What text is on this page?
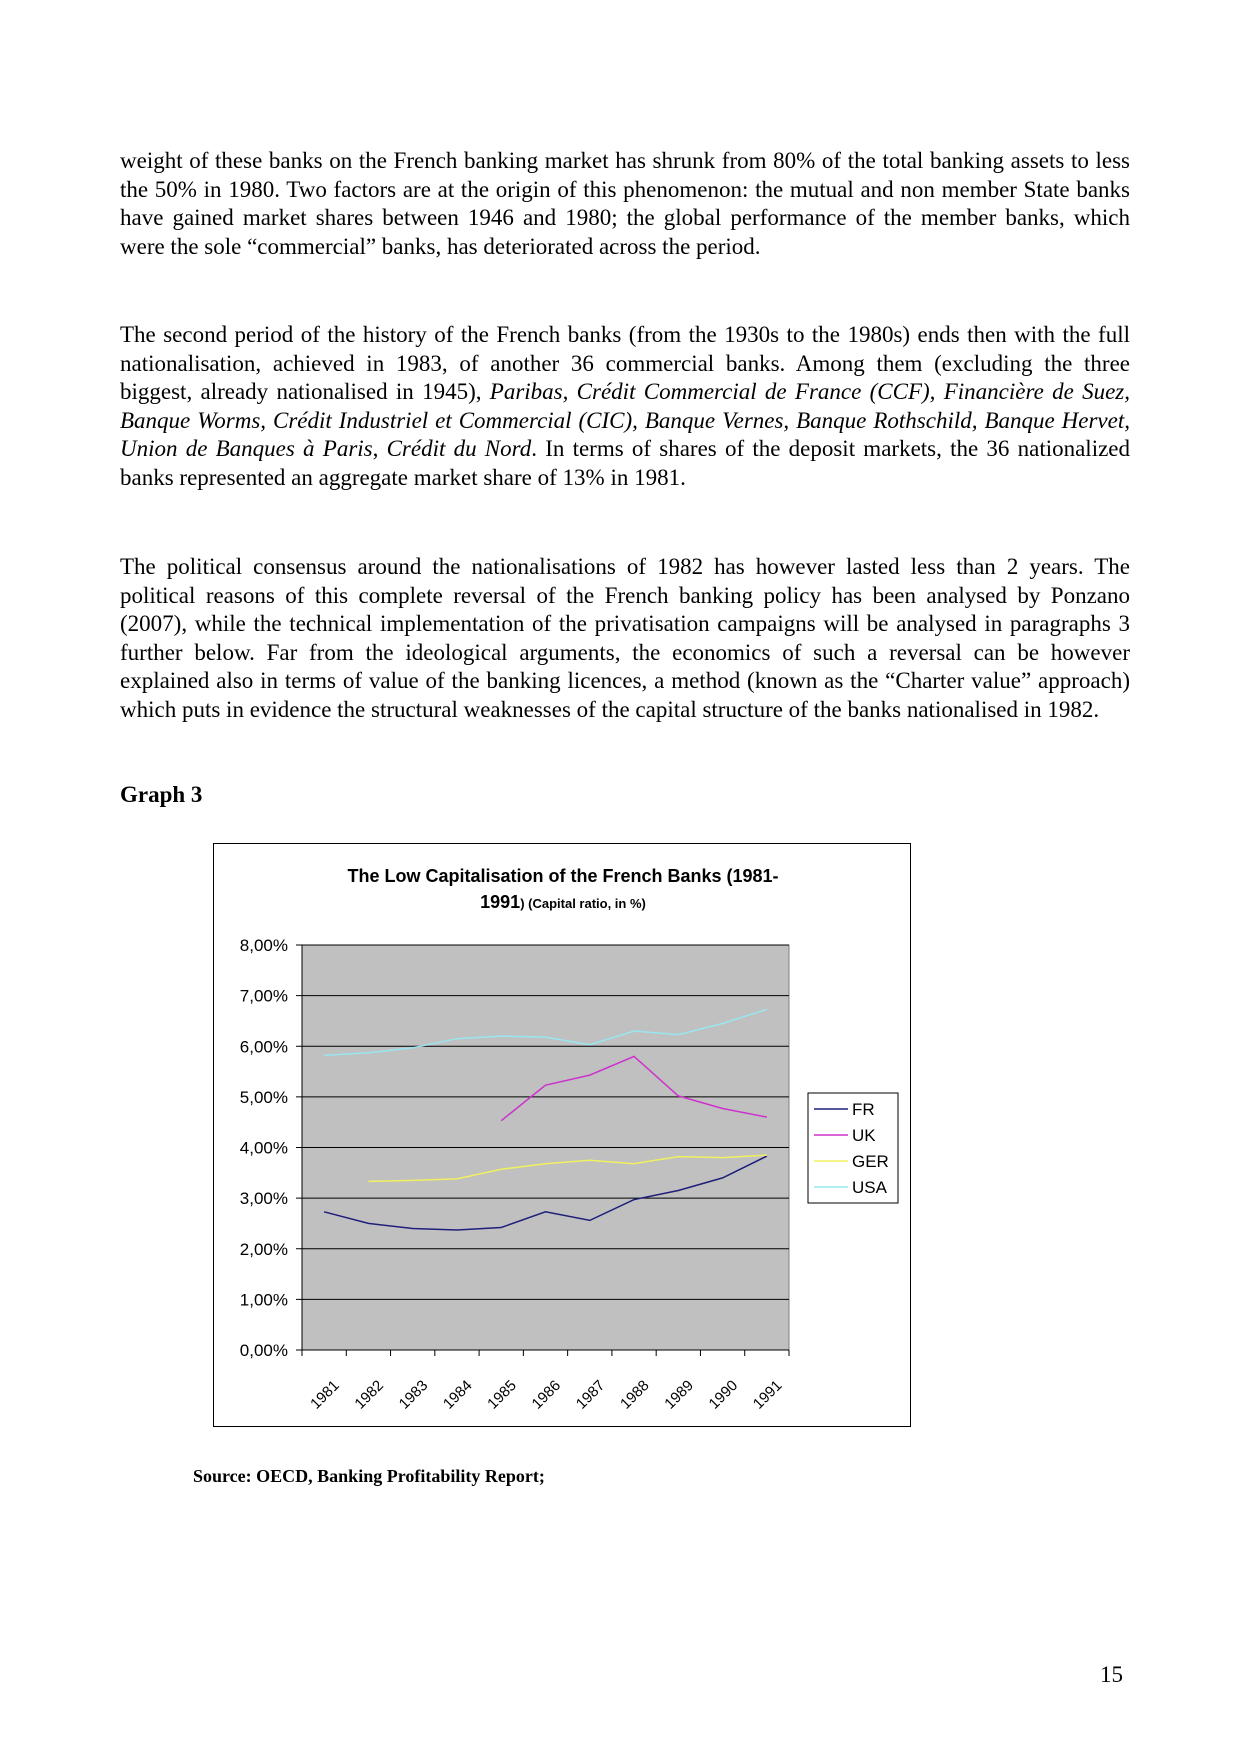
weight of these banks on the French banking market has shrunk from 80% of the total banking assets to less the 50% in 1980. Two factors are at the origin of this phenomenon: the mutual and non member State banks have gained market shares between 1946 and 1980; the global performance of the member banks, which were the sole “commercial” banks, has deteriorated across the period.

The second period of the history of the French banks (from the 1930s to the 1980s) ends then with the full nationalisation, achieved in 1983, of another 36 commercial banks. Among them (excluding the three biggest, already nationalised in 1945), Paribas, Crédit Commercial de France (CCF), Financière de Suez, Banque Worms, Crédit Industriel et Commercial (CIC), Banque Vernes, Banque Rothschild, Banque Hervet, Union de Banques à Paris, Crédit du Nord. In terms of shares of the deposit markets, the 36 nationalized banks represented an aggregate market share of 13% in 1981.

The political consensus around the nationalisations of 1982 has however lasted less than 2 years. The political reasons of this complete reversal of the French banking policy has been analysed by Ponzano (2007), while the technical implementation of the privatisation campaigns will be analysed in paragraphs 3 further below. Far from the ideological arguments, the economics of such a reversal can be however explained also in terms of value of the banking licences, a method (known as the “Charter value” approach) which puts in evidence the structural weaknesses of the capital structure of the banks nationalised in 1982.

Graph 3

The Low Capitalisation of the French Banks (1981-
1991) (Capital ratio, in %)
0,00%
1,00%
2,00%
3,00%
4,00%
5,00%
6,00%
7,00%
8,00%
1981 1982 1983 1984 1985 1986 1987 1988 1989 1990 1991
FR
UK
GER
USA

Source: OECD, Banking Profitability Report;

15
